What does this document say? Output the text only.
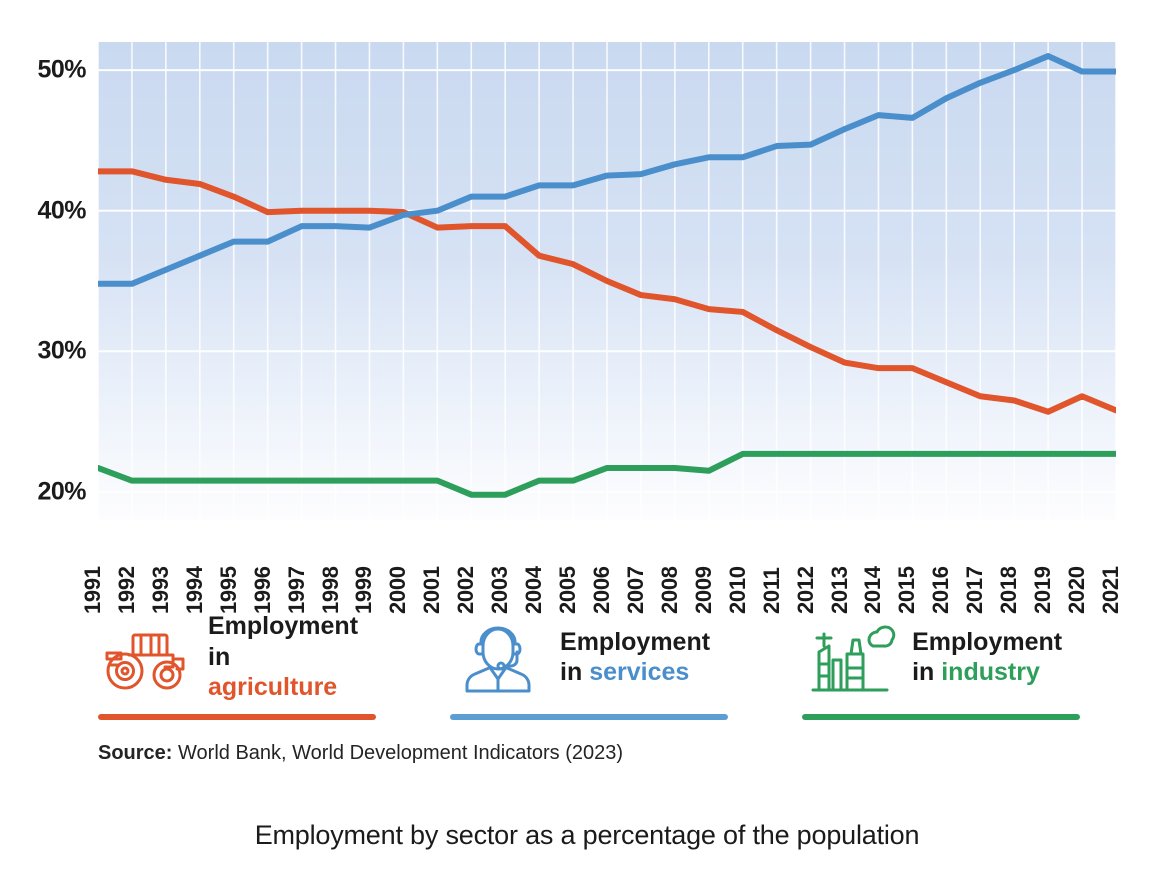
20%
30%
40%
50%
1991 1992 1993 1994 1995 1996 1997 1998 1999 2000 2001 2002 2003 2004 2005 2006 2007 2008 2009 2010 2011 2012 2013 2014 2015 2016 2017 2018 2019 2020 2021
Employment
in agriculture
Employment
in services
Employment
in industry
Source: World Bank, World Development Indicators (2023)
Employment by sector as a percentage of the population
